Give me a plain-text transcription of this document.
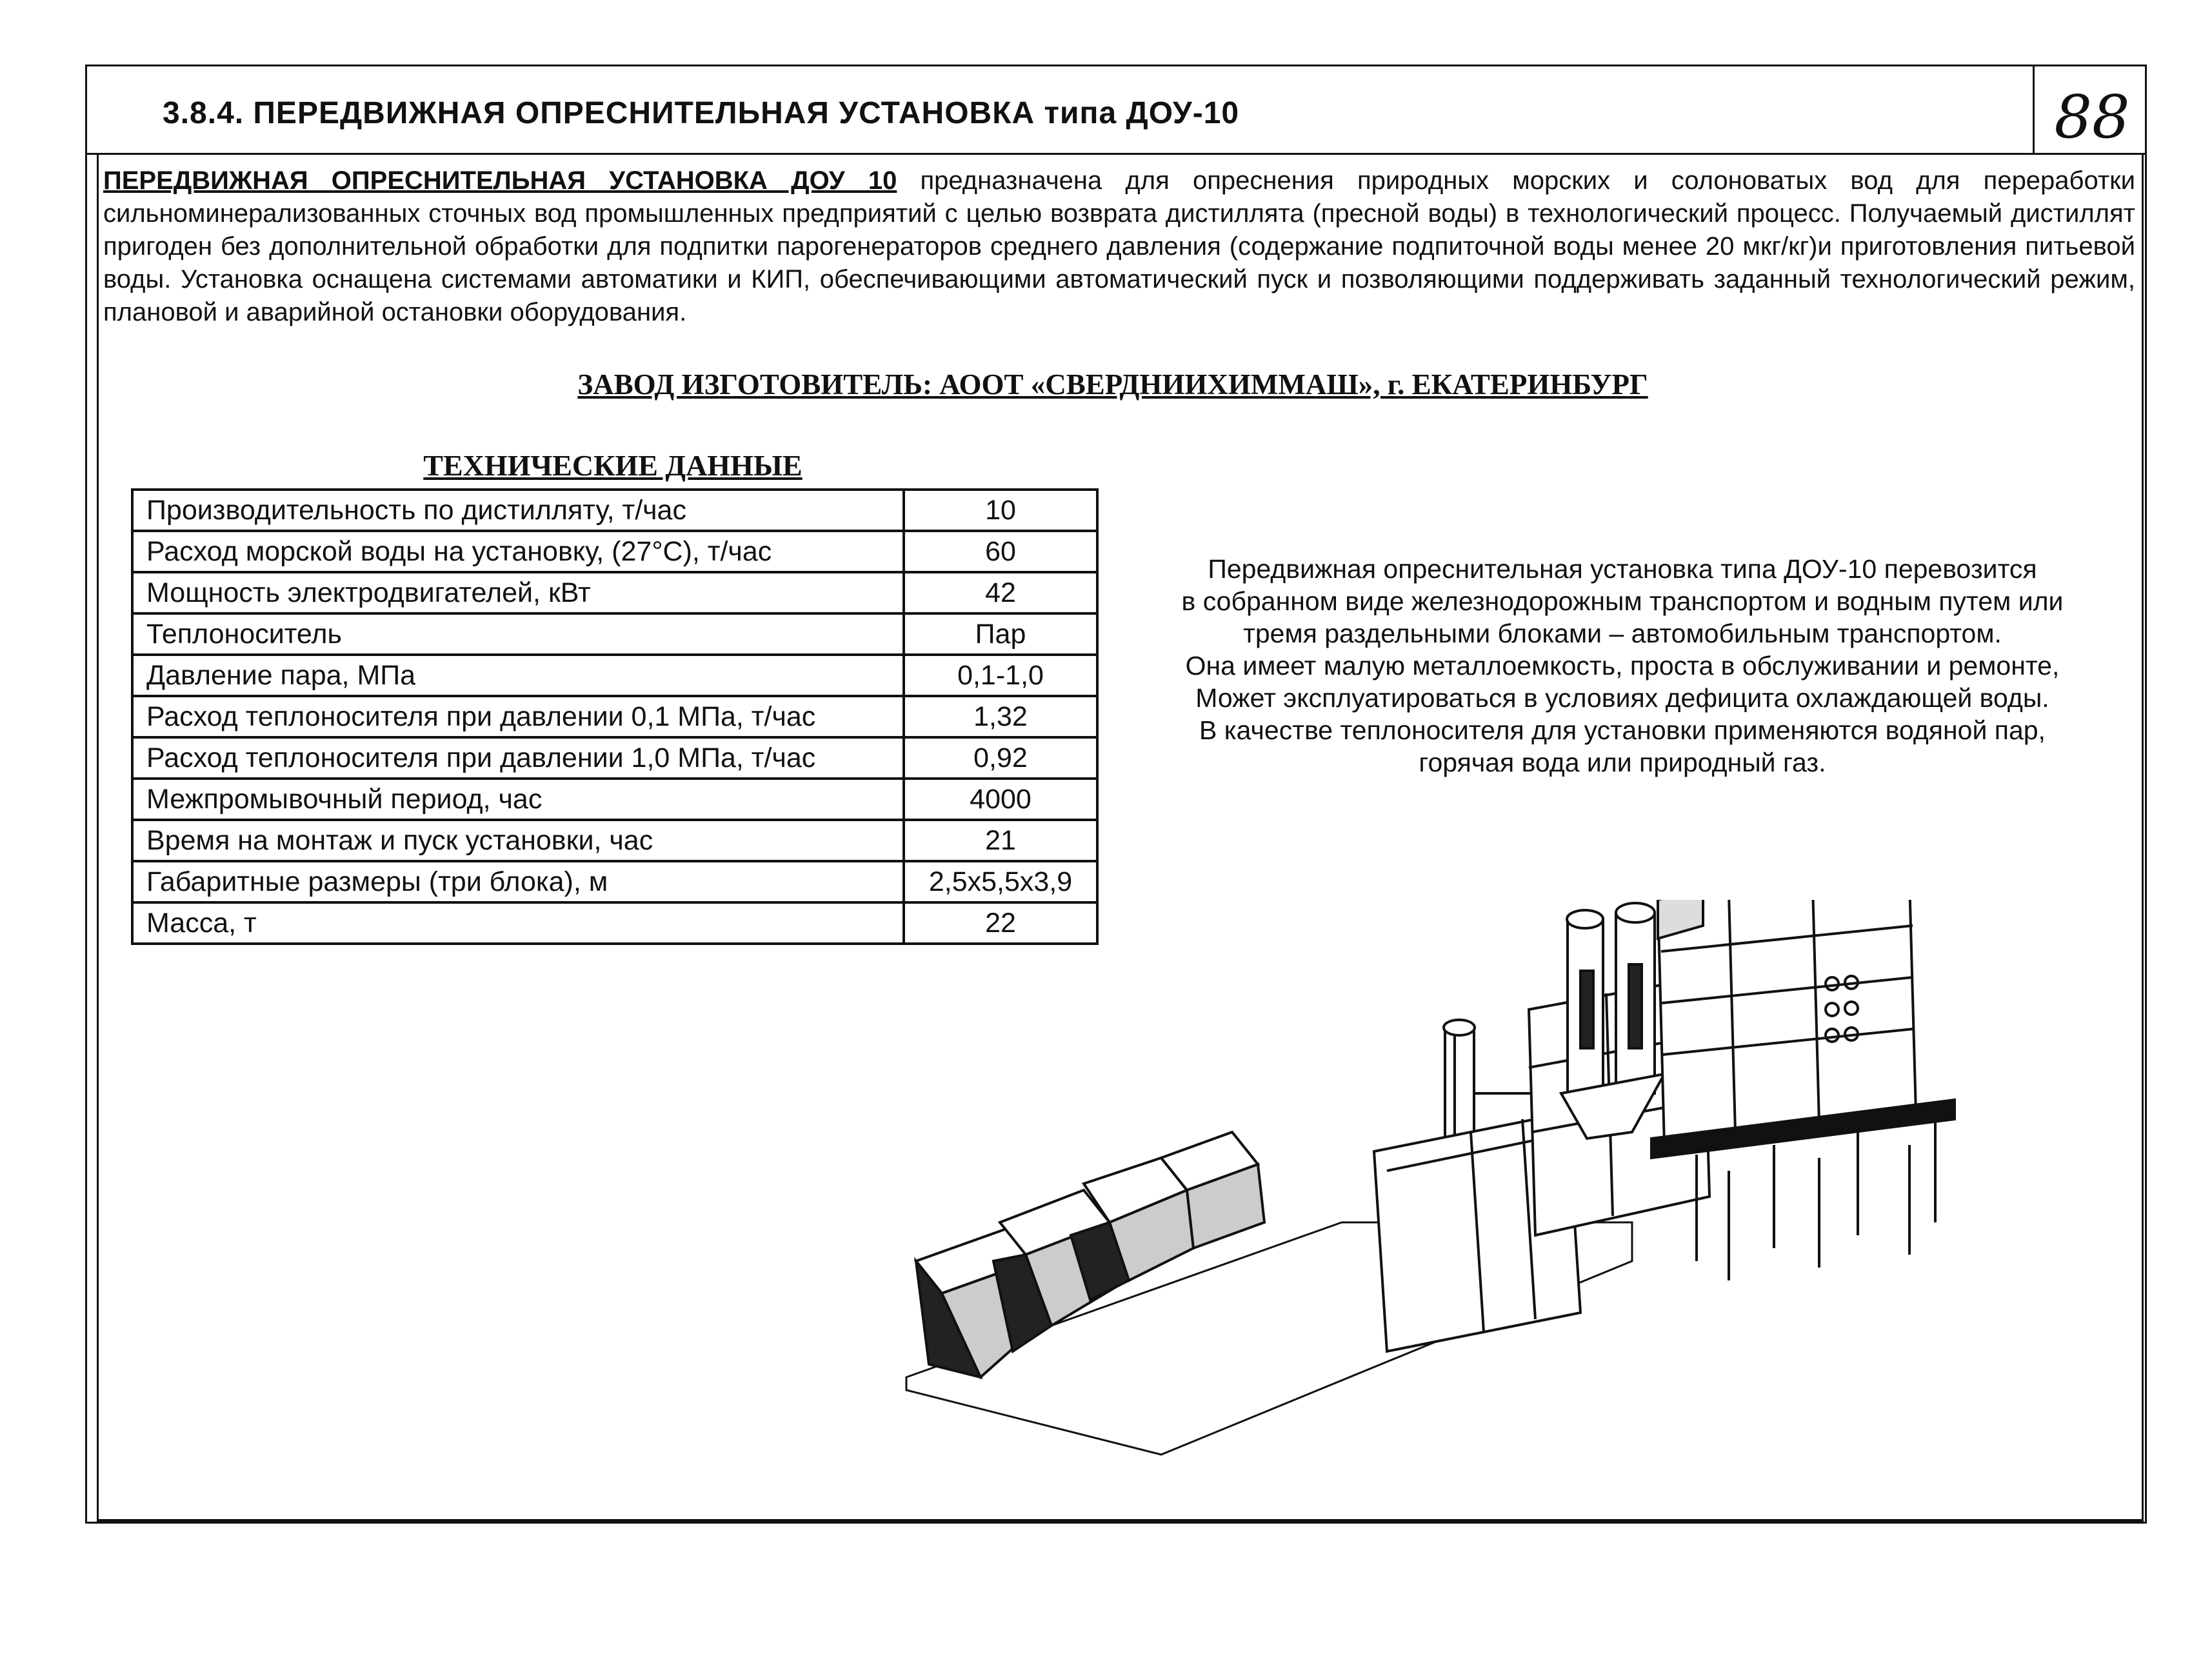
3.8.4. ПЕРЕДВИЖНАЯ ОПРЕСНИТЕЛЬНАЯ УСТАНОВКА типа ДОУ-10	88
ПЕРЕДВИЖНАЯ ОПРЕСНИТЕЛЬНАЯ УСТАНОВКА ДОУ 10 предназначена для опреснения природных морских и солоноватых вод для переработки сильноминерализованных сточных вод промышленных предприятий с целью возврата дистиллята (пресной воды) в технологический процесс. Получаемый дистиллят пригоден без дополнительной обработки для подпитки парогенераторов среднего давления (содержание подпиточной воды менее 20 мкг/кг)и приготовления питьевой воды. Установка оснащена системами автоматики и КИП, обеспечивающими автоматический пуск и позволяющими поддерживать заданный технологический режим, плановой и аварийной остановки оборудования.
ЗАВОД ИЗГОТОВИТЕЛЬ: АООТ «СВЕРДНИИХИММАШ», г. ЕКАТЕРИНБУРГ
ТЕХНИЧЕСКИЕ ДАННЫЕ
Производительность по дистилляту, т/час	10
Расход морской воды на установку, (27°С), т/час	60
Мощность электродвигателей, кВт	42
Теплоноситель	Пар
Давление пара, МПа	0,1-1,0
Расход теплоносителя при давлении 0,1 МПа, т/час	1,32
Расход теплоносителя при давлении 1,0 МПа, т/час	0,92
Межпромывочный период, час	4000
Время на монтаж и пуск установки, час	21
Габаритные размеры (три блока), м	2,5х5,5х3,9
Масса, т	22
Передвижная опреснительная установка типа ДОУ-10 перевозится
в собранном виде железнодорожным транспортом и водным путем или
тремя раздельными блоками – автомобильным транспортом.
Она имеет малую металлоемкость, проста в обслуживании и ремонте,
Может эксплуатироваться в условиях дефицита охлаждающей воды.
В качестве теплоносителя для установки применяются водяной пар,
горячая вода или природный газ.
